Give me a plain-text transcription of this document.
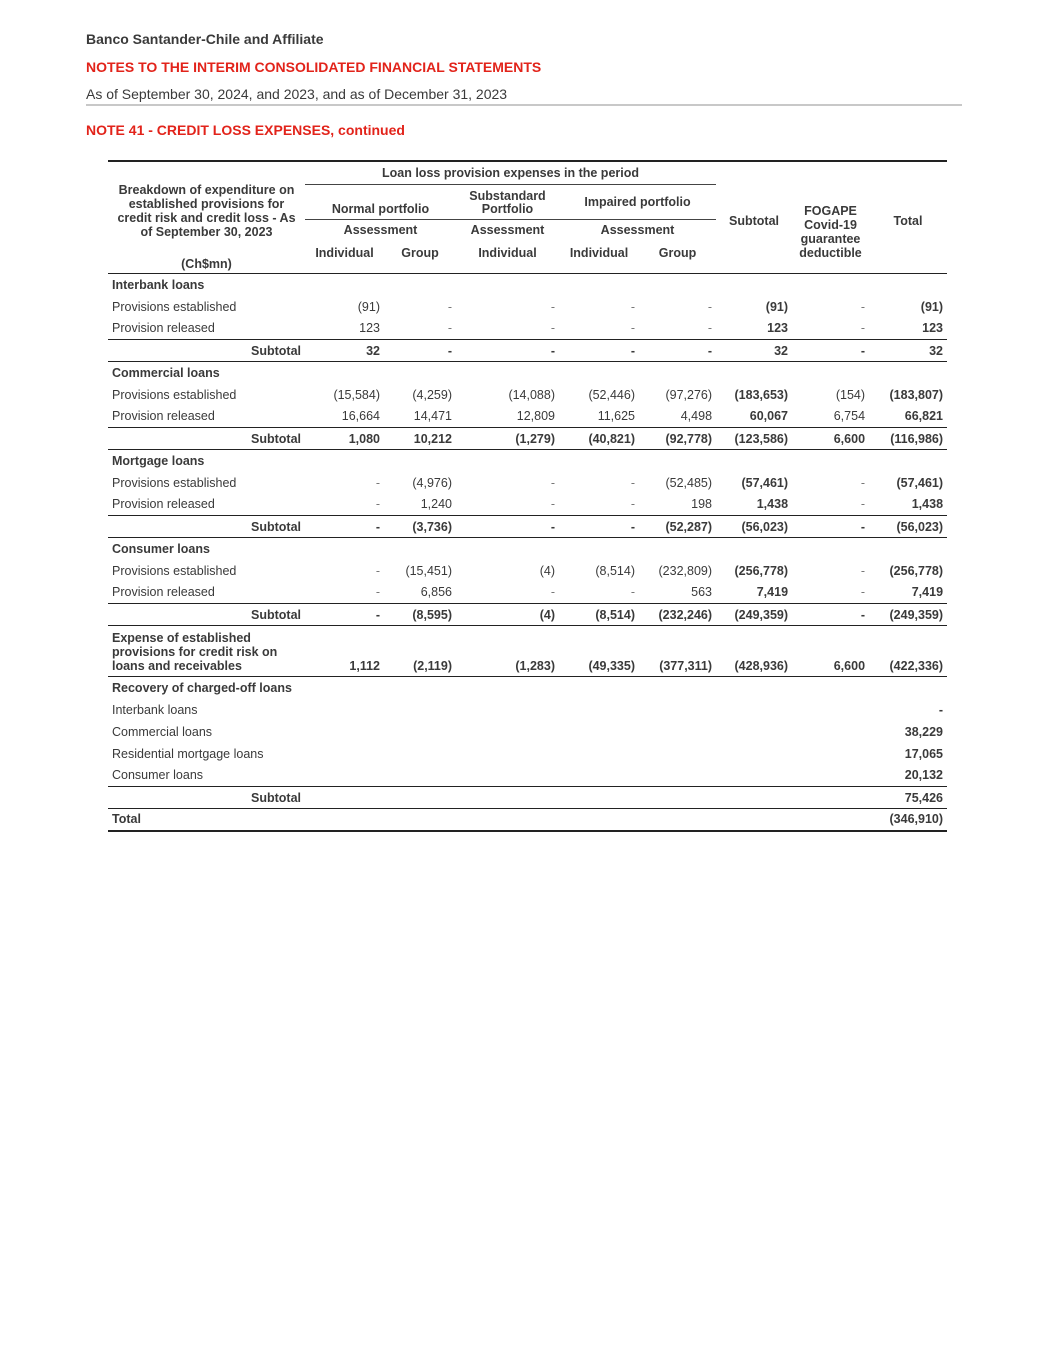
Banco Santander-Chile and Affiliate
NOTES TO THE INTERIM CONSOLIDATED FINANCIAL STATEMENTS
As of September 30, 2024, and 2023, and as of December 31, 2023
NOTE 41 - CREDIT LOSS EXPENSES, continued
Breakdown of expenditure on established provisions for credit risk and credit loss - As of September 30, 2023	Loan loss provision expenses in the period					Subtotal	FOGAPE Covid-19 guarantee deductible	Total
	Normal portfolio		Substandard Portfolio	Impaired portfolio				
	Assessment		Assessment	Assessment				
	Individual	Group	Individual	Individual	Group			

(Ch$mn)								

Interbank loans								
Provisions established	(91)	-	-	-	-	(91)	-	(91)
Provision released	123	-	-	-	-	123	-	123
Subtotal	32	-	-	-	-	32	-	32
Commercial loans								
Provisions established	(15,584)	(4,259)	(14,088)	(52,446)	(97,276)	(183,653)	(154)	(183,807)
Provision released	16,664	14,471	12,809	11,625	4,498	60,067	6,754	66,821
Subtotal	1,080	10,212	(1,279)	(40,821)	(92,778)	(123,586)	6,600	(116,986)
Mortgage loans								
Provisions established	-	(4,976)	-	-	(52,485)	(57,461)	-	(57,461)
Provision released	-	1,240	-	-	198	1,438	-	1,438
Subtotal	-	(3,736)	-	-	(52,287)	(56,023)	-	(56,023)
Consumer loans								
Provisions established	-	(15,451)	(4)	(8,514)	(232,809)	(256,778)	-	(256,778)
Provision released	-	6,856	-	-	563	7,419	-	7,419
Subtotal	-	(8,595)	(4)	(8,514)	(232,246)	(249,359)	-	(249,359)
Expense of established provisions for credit risk on loans and receivables	1,112	(2,119)	(1,283)	(49,335)	(377,311)	(428,936)	6,600	(422,336)
Recovery of charged-off loans								
Interbank loans								-
Commercial loans								38,229
Residential mortgage loans								17,065
Consumer loans								20,132
Subtotal								75,426
Total								(346,910)
